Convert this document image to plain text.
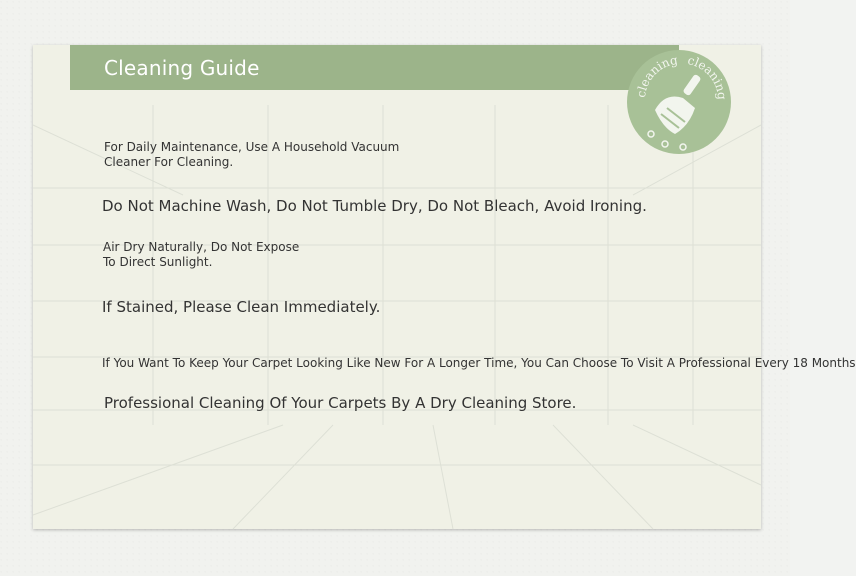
Cleaning Guide
cleaning cleaning
For Daily Maintenance, Use A Household Vacuum Cleaner For Cleaning.
Do Not Machine Wash, Do Not Tumble Dry, Do Not Bleach, Avoid Ironing.
Air Dry Naturally, Do Not Expose To Direct Sunlight.
If Stained, Please Clean Immediately.
If You Want To Keep Your Carpet Looking Like New For A Longer Time, You Can Choose To Visit A Professional Every 18 Months
Professional Cleaning Of Your Carpets By A Dry Cleaning Store.
